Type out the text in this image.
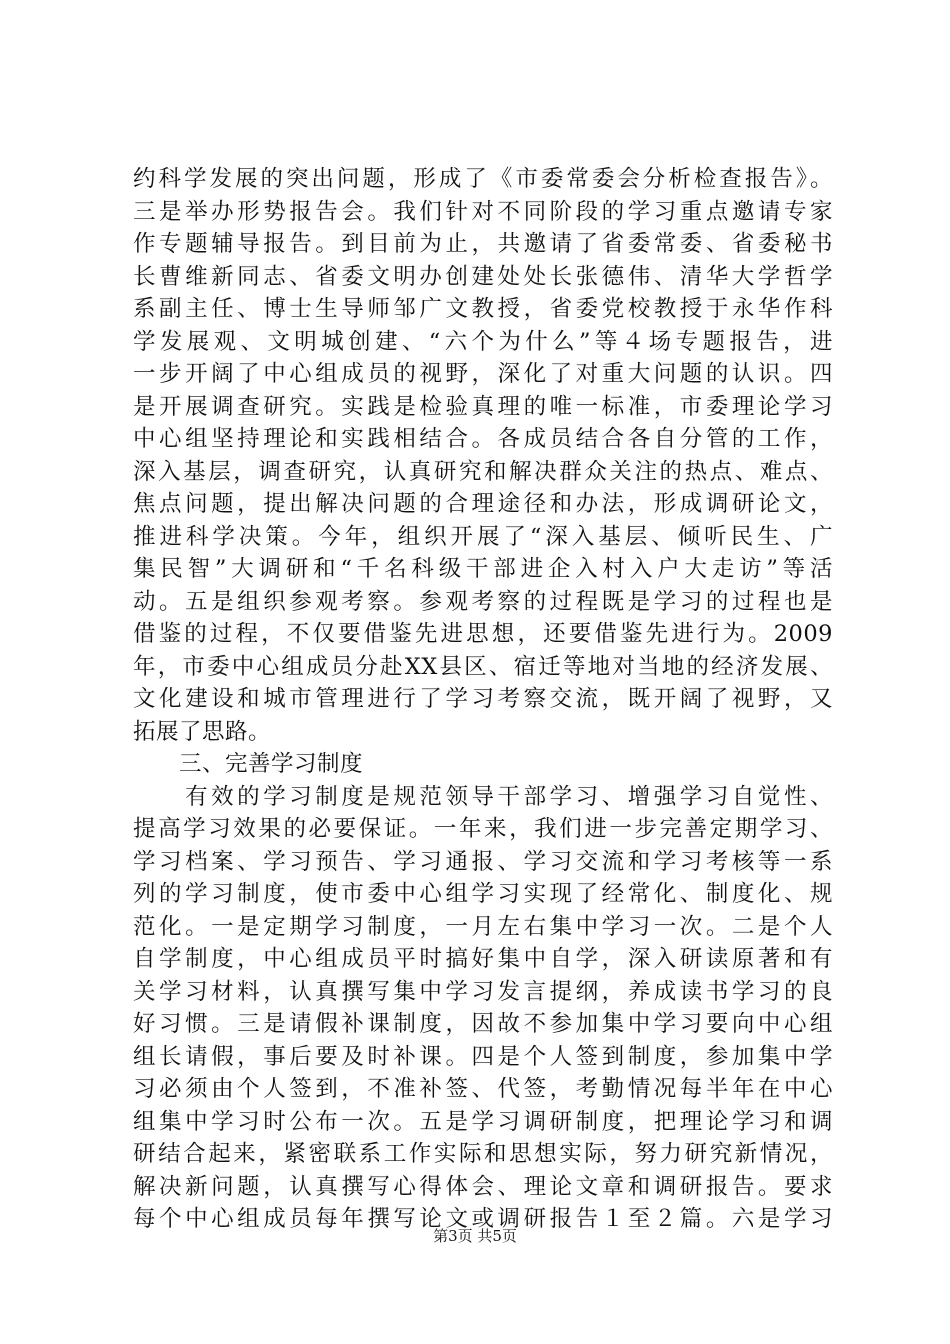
约科学发展的突出问题，形成了《市委常委会分析检查报告》。
三是举办形势报告会。我们针对不同阶段的学习重点邀请专家
作专题辅导报告。到目前为止，共邀请了省委常委、省委秘书
长曹维新同志、省委文明办创建处处长张德伟、清华大学哲学
系副主任、博士生导师邹广文教授，省委党校教授于永华作科
学发展观、文明城创建、“六个为什么”等４场专题报告，进
一步开阔了中心组成员的视野，深化了对重大问题的认识。四
是开展调查研究。实践是检验真理的唯一标准，市委理论学习
中心组坚持理论和实践相结合。各成员结合各自分管的工作，
深入基层，调查研究，认真研究和解决群众关注的热点、难点、
焦点问题，提出解决问题的合理途径和办法，形成调研论文，
推进科学决策。今年，组织开展了“深入基层、倾听民生、广
集民智”大调研和“千名科级干部进企入村入户大走访”等活
动。五是组织参观考察。参观考察的过程既是学习的过程也是
借鉴的过程，不仅要借鉴先进思想，还要借鉴先进行为。2009
年，市委中心组成员分赴XX县区、宿迁等地对当地的经济发展、
文化建设和城市管理进行了学习考察交流，既开阔了视野，又
拓展了思路。
　　三、完善学习制度
　　有效的学习制度是规范领导干部学习、增强学习自觉性、
提高学习效果的必要保证。一年来，我们进一步完善定期学习、
学习档案、学习预告、学习通报、学习交流和学习考核等一系
列的学习制度，使市委中心组学习实现了经常化、制度化、规
范化。一是定期学习制度，一月左右集中学习一次。二是个人
自学制度，中心组成员平时搞好集中自学，深入研读原著和有
关学习材料，认真撰写集中学习发言提纲，养成读书学习的良
好习惯。三是请假补课制度，因故不参加集中学习要向中心组
组长请假，事后要及时补课。四是个人签到制度，参加集中学
习必须由个人签到，不准补签、代签，考勤情况每半年在中心
组集中学习时公布一次。五是学习调研制度，把理论学习和调
研结合起来，紧密联系工作实际和思想实际，努力研究新情况，
解决新问题，认真撰写心得体会、理论文章和调研报告。要求
每个中心组成员每年撰写论文或调研报告１至２篇。六是学习
第3页 共5页
